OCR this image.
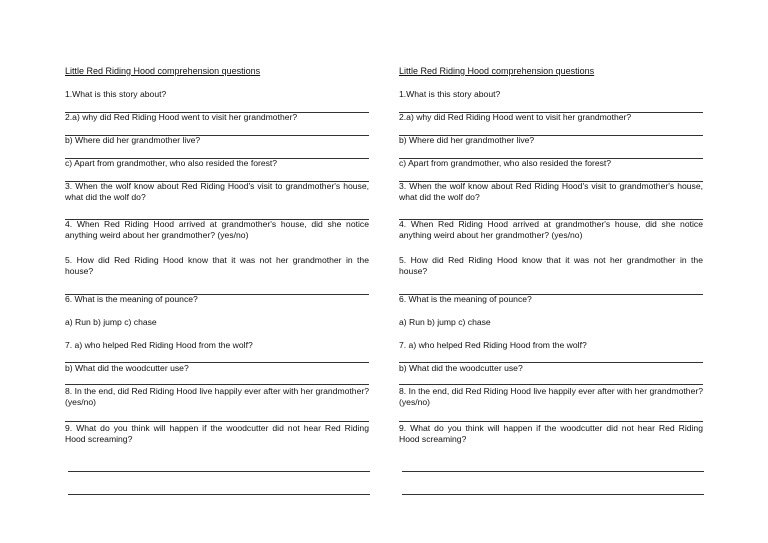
Little Red Riding Hood comprehension questions
1.What is this story about?
2.a) why did Red Riding Hood went to visit her grandmother?
b) Where did her grandmother live?
c) Apart from grandmother, who also resided the forest?
3. When the wolf know about Red Riding Hood's visit to grandmother's house, what did the wolf do?
4. When Red Riding Hood arrived at grandmother's house, did she notice anything weird about her grandmother? (yes/no)
5. How did Red Riding Hood know that it was not her grandmother in the house?
6. What is the meaning of pounce?
a) Run b) jump c) chase
7. a) who helped Red Riding Hood from the wolf?
b) What did the woodcutter use?
8. In the end, did Red Riding Hood live happily ever after with her grandmother? (yes/no)
9. What do you think will happen if the woodcutter did not hear Red Riding Hood screaming?
Little Red Riding Hood comprehension questions
1.What is this story about?
2.a) why did Red Riding Hood went to visit her grandmother?
b) Where did her grandmother live?
c) Apart from grandmother, who also resided the forest?
3. When the wolf know about Red Riding Hood's visit to grandmother's house, what did the wolf do?
4. When Red Riding Hood arrived at grandmother's house, did she notice anything weird about her grandmother? (yes/no)
5. How did Red Riding Hood know that it was not her grandmother in the house?
6. What is the meaning of pounce?
a) Run b) jump c) chase
7. a) who helped Red Riding Hood from the wolf?
b) What did the woodcutter use?
8. In the end, did Red Riding Hood live happily ever after with her grandmother? (yes/no)
9. What do you think will happen if the woodcutter did not hear Red Riding Hood screaming?
